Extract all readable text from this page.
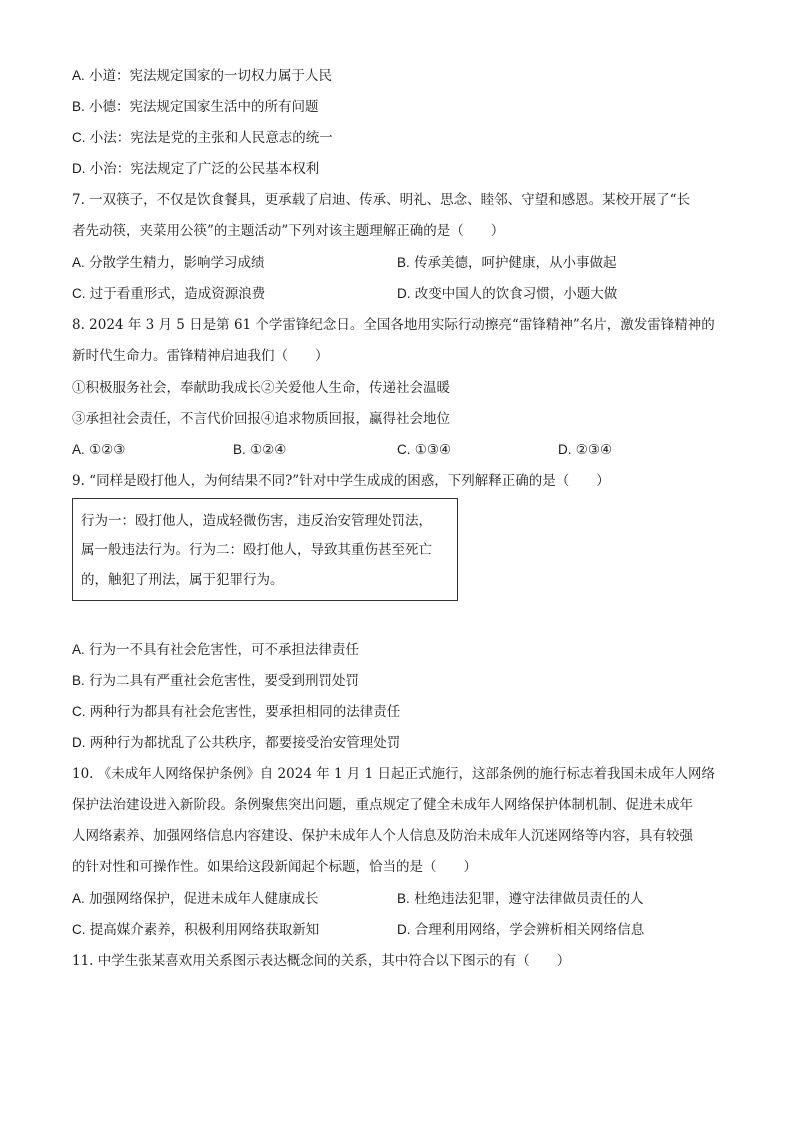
A. 小道：宪法规定国家的一切权力属于人民
B. 小德：宪法规定国家生活中的所有问题
C. 小法：宪法是党的主张和人民意志的统一
D. 小治：宪法规定了广泛的公民基本权利
7. 一双筷子，不仅是饮食餐具，更承载了启迪、传承、明礼、思念、睦邻、守望和感恩。某校开展了“长
者先动筷，夹菜用公筷”的主题活动”下列对该主题理解正确的是（　　）
A. 分散学生精力，影响学习成绩	B. 传承美德，呵护健康，从小事做起
C. 过于看重形式，造成资源浪费	D. 改变中国人的饮食习惯，小题大做
8. 2024 年 3 月 5 日是第 61 个学雷锋纪念日。全国各地用实际行动擦亮“雷锋精神”名片，激发雷锋精神的
新时代生命力。雷锋精神启迪我们（　　）
①积极服务社会，奉献助我成长②关爱他人生命，传递社会温暖
③承担社会责任，不言代价回报④追求物质回报，赢得社会地位
A. ①②③	B. ①②④	C. ①③④	D. ②③④
9. “同样是殴打他人，为何结果不同?”针对中学生成成的困惑，下列解释正确的是（　　）
行为一：殴打他人，造成轻微伤害，违反治安管理处罚法，
属一般违法行为。行为二：殴打他人，导致其重伤甚至死亡
的，触犯了刑法，属于犯罪行为。
A. 行为一不具有社会危害性，可不承担法律责任
B. 行为二具有严重社会危害性，要受到刑罚处罚
C. 两种行为都具有社会危害性，要承担相同的法律责任
D. 两种行为都扰乱了公共秩序，都要接受治安管理处罚
10. 《未成年人网络保护条例》自 2024 年 1 月 1 日起正式施行，这部条例的施行标志着我国未成年人网络
保护法治建设进入新阶段。条例聚焦突出问题，重点规定了健全未成年人网络保护体制机制、促进未成年
人网络素养、加强网络信息内容建设、保护未成年人个人信息及防治未成年人沉迷网络等内容，具有较强
的针对性和可操作性。如果给这段新闻起个标题，恰当的是（　　）
A. 加强网络保护，促进未成年人健康成长	B. 杜绝违法犯罪，遵守法律做员责任的人
C. 提高媒介素养，积极利用网络获取新知	D. 合理利用网络，学会辨析相关网络信息
11. 中学生张某喜欢用关系图示表达概念间的关系，其中符合以下图示的有（　　）
